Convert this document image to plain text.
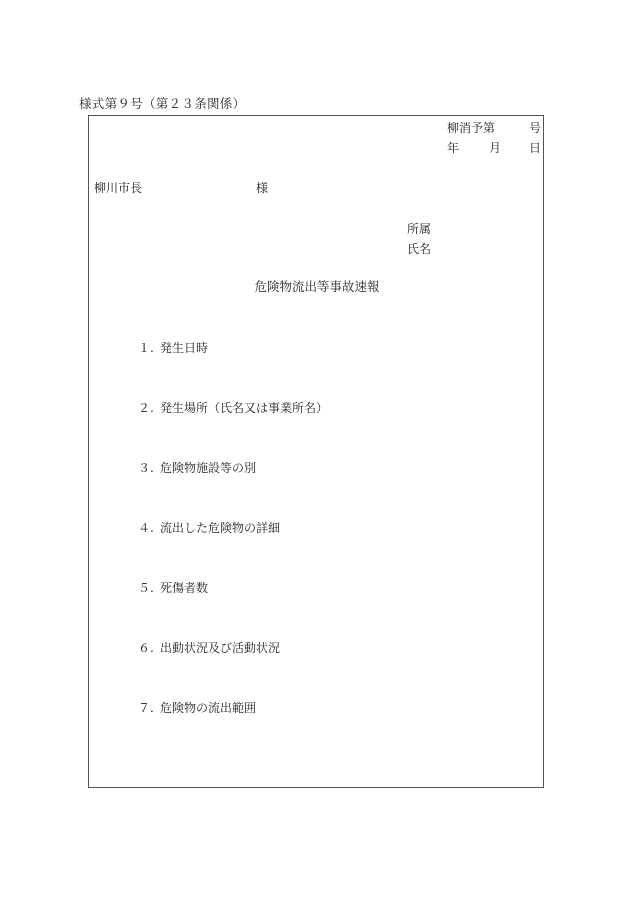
様式第９号（第２３条関係）
柳消予第	号
年 月 日
柳川市長	様
所属
氏名
危険物流出等事故速報
１. 発生日時
２. 発生場所（氏名又は事業所名）
３. 危険物施設等の別
４. 流出した危険物の詳細
５. 死傷者数
６. 出動状況及び活動状況
７. 危険物の流出範囲
